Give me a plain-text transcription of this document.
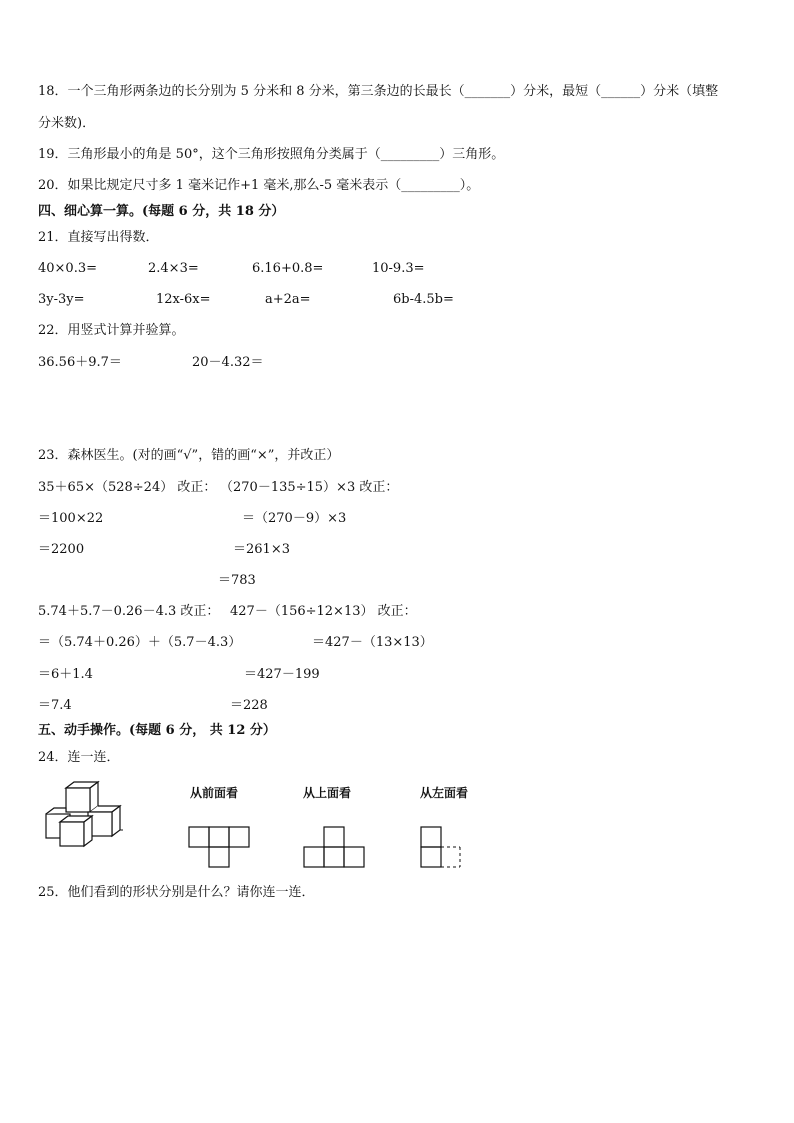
18．一个三角形两条边的长分别为 5 分米和 8 分米，第三条边的长最长（_______）分米，最短（______）分米（填整
分米数)．
19．三角形最小的角是 50°，这个三角形按照角分类属于（_________）三角形。
20．如果比规定尺寸多 1 毫米记作+1 毫米,那么-5 毫米表示（_________）。
四、细心算一算。(每题 6 分，共 18 分）
21．直接写出得数．
40×0.3=	2.4×3=	6.16+0.8=	10-9.3=
3y-3y=	12x-6x=	a+2a=	6b-4.5b=
22．用竖式计算并验算。
36.56＋9.7＝	20－4.32＝
23．森林医生。(对的画“√”，错的画“×”，并改正）
35＋65×（528÷24） 改正：
＝100×22
＝2200
（270－135÷15）×3 改正：
＝（270－9）×3
＝261×3
＝783
5.74＋5.7－0.26－4.3 改正：
＝（5.74＋0.26）＋（5.7－4.3）
＝6＋1.4
＝7.4
427－（156÷12×13） 改正：
＝427－（13×13）
＝427－199
＝228
五、动手操作。(每题 6 分， 共 12 分）
24．连一连．
从前面看	从上面看	从左面看
25．他们看到的形状分别是什么？请你连一连．
